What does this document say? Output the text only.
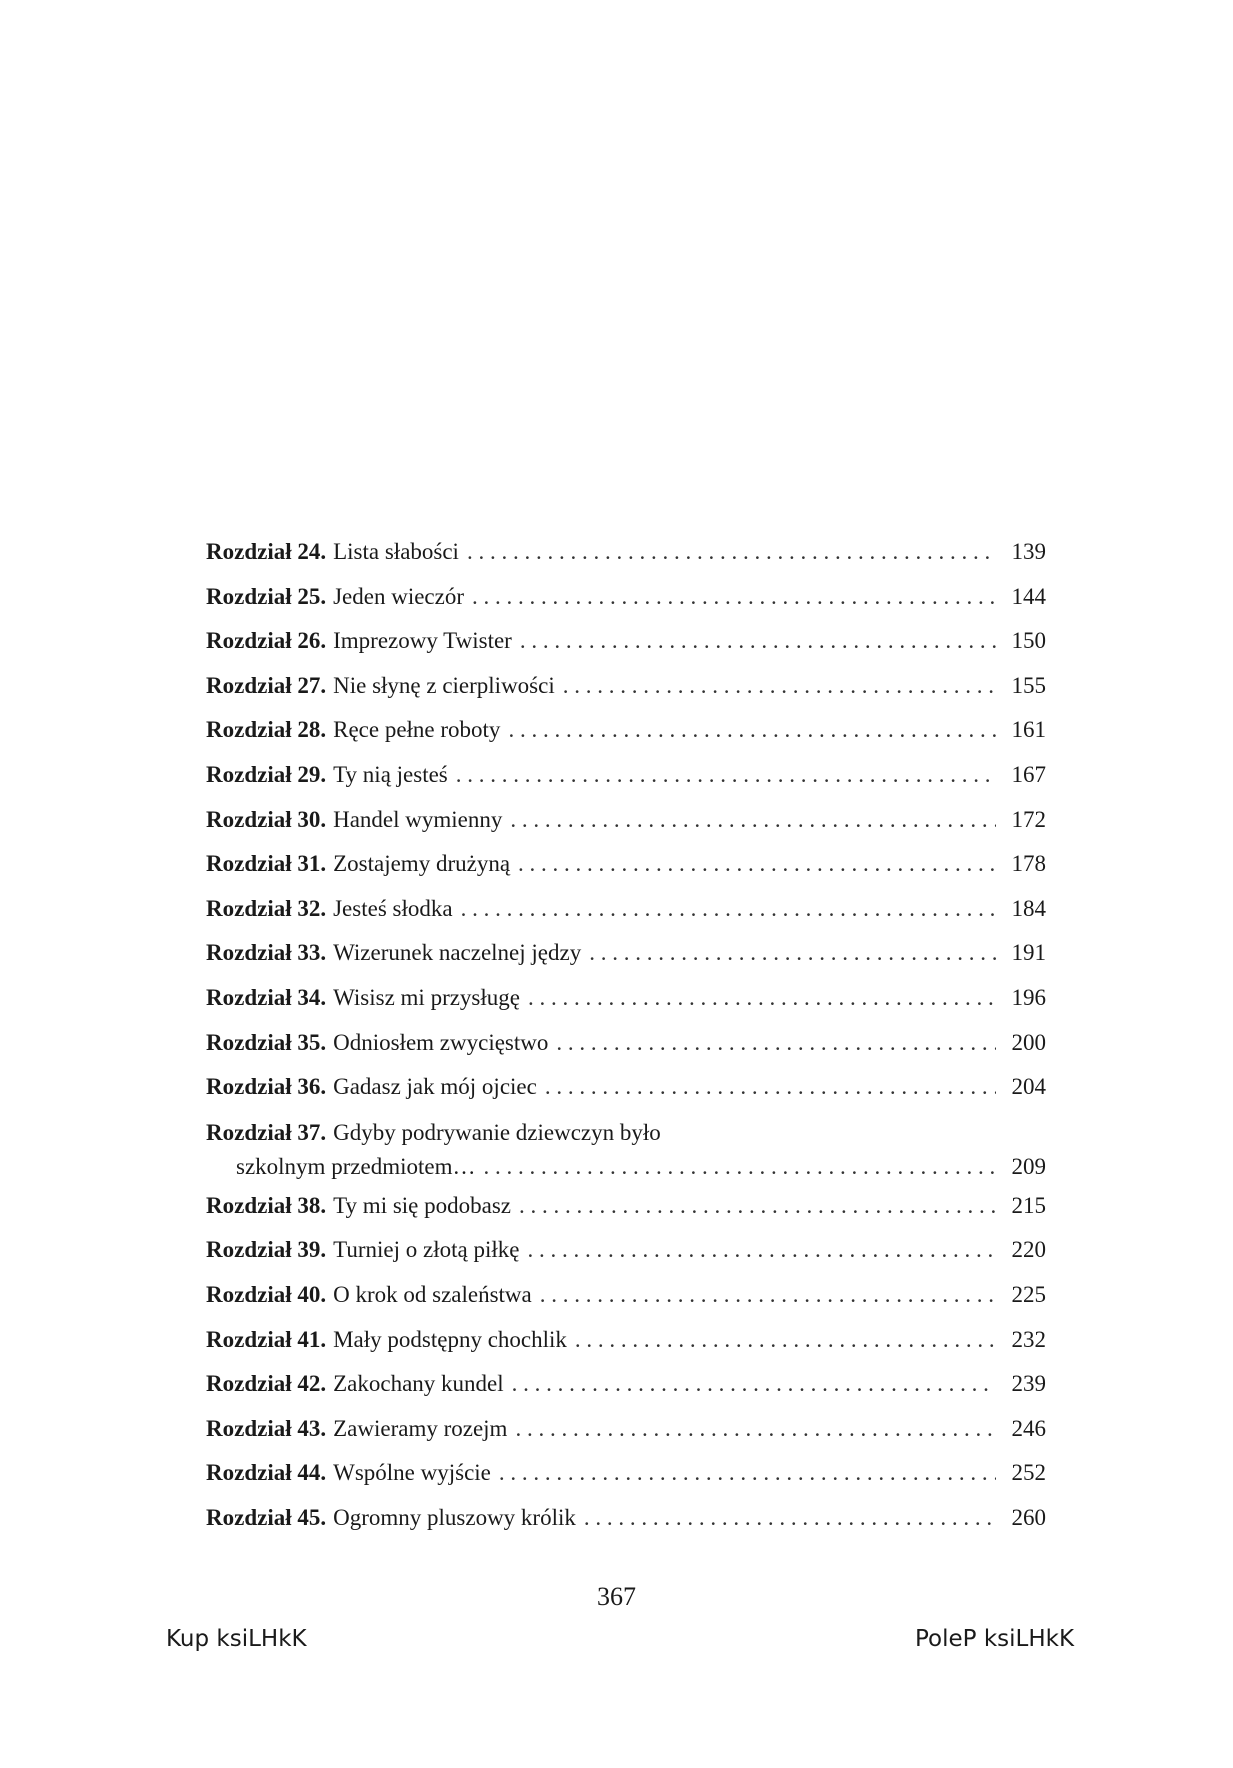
Rozdział 24. Lista słabości . . .	139
Rozdział 25. Jeden wieczór . . .	144
Rozdział 26. Imprezowy Twister . . .	150
Rozdział 27. Nie słynę z cierpliwości . . .	155
Rozdział 28. Ręce pełne roboty . . .	161
Rozdział 29. Ty nią jesteś . . .	167
Rozdział 30. Handel wymienny . . .	172
Rozdział 31. Zostajemy drużyną . . .	178
Rozdział 32. Jesteś słodka . . .	184
Rozdział 33. Wizerunek naczelnej jędzy . . .	191
Rozdział 34. Wisisz mi przysługę . . .	196
Rozdział 35. Odniosłem zwycięstwo . . .	200
Rozdział 36. Gadasz jak mój ojciec . . .	204
Rozdział 37. Gdyby podrywanie dziewczyn było
szkolnym przedmiotem… . . .	209
Rozdział 38. Ty mi się podobasz . . .	215
Rozdział 39. Turniej o złotą piłkę . . .	220
Rozdział 40. O krok od szaleństwa . . .	225
Rozdział 41. Mały podstępny chochlik . . .	232
Rozdział 42. Zakochany kundel . . .	239
Rozdział 43. Zawieramy rozejm . . .	246
Rozdział 44. Wspólne wyjście . . .	252
Rozdział 45. Ogromny pluszowy królik . . .	260
367
Kup ksiLHkK	PoleP ksiLHkK
